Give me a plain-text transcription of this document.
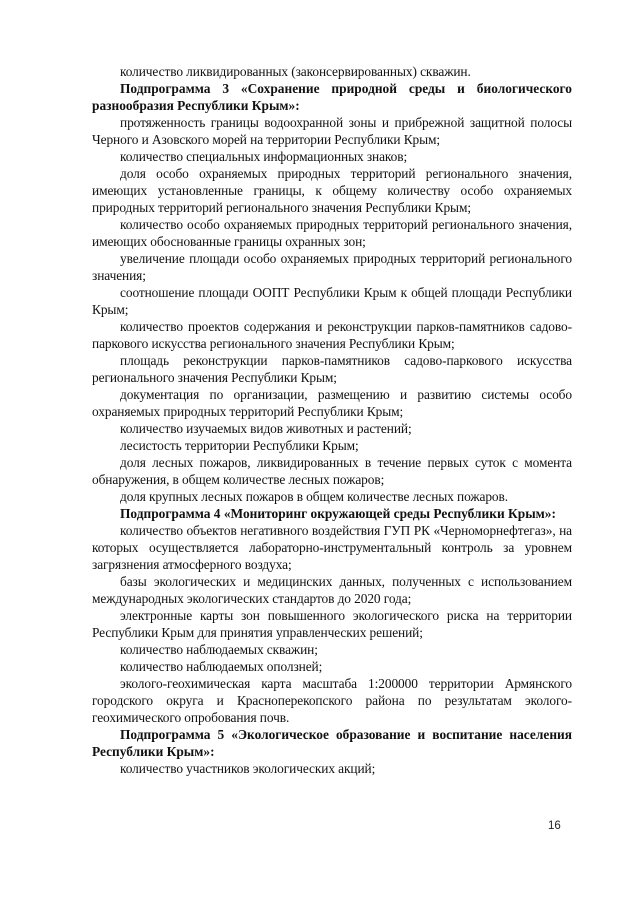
количество ликвидированных (законсервированных) скважин.

Подпрограмма 3 «Сохранение природной среды и биологического разнообразия Республики Крым»:

протяженность границы водоохранной зоны и прибрежной защитной полосы Черного и Азовского морей на территории Республики Крым;

количество специальных информационных знаков;

доля особо охраняемых природных территорий регионального значения, имеющих установленные границы, к общему количеству особо охраняемых природных территорий регионального значения Республики Крым;

количество особо охраняемых природных территорий регионального значения, имеющих обоснованные границы охранных зон;

увеличение площади особо охраняемых природных территорий регионального значения;

соотношение площади ООПТ Республики Крым к общей площади Республики Крым;

количество проектов содержания и реконструкции парков-памятников садово-паркового искусства регионального значения Республики Крым;

площадь реконструкции парков-памятников садово-паркового искусства регионального значения Республики Крым;

документация по организации, размещению и развитию системы особо охраняемых природных территорий Республики Крым;

количество изучаемых видов животных и растений;

лесистость территории Республики Крым;

доля лесных пожаров, ликвидированных в течение первых суток с момента обнаружения, в общем количестве лесных пожаров;

доля крупных лесных пожаров в общем количестве лесных пожаров.

Подпрограмма 4 «Мониторинг окружающей среды Республики Крым»:

количество объектов негативного воздействия ГУП РК «Черноморнефтегаз», на которых осуществляется лабораторно-инструментальный контроль за уровнем загрязнения атмосферного воздуха;

базы экологических и медицинских данных, полученных с использованием международных экологических стандартов до 2020 года;

электронные карты зон повышенного экологического риска на территории Республики Крым для принятия управленческих решений;

количество наблюдаемых скважин;

количество наблюдаемых оползней;

эколого-геохимическая карта масштаба 1:200000 территории Армянского городского округа и Красноперекопского района по результатам эколого-геохимического опробования почв.

Подпрограмма 5 «Экологическое образование и воспитание населения Республики Крым»:

количество участников экологических акций;

16
